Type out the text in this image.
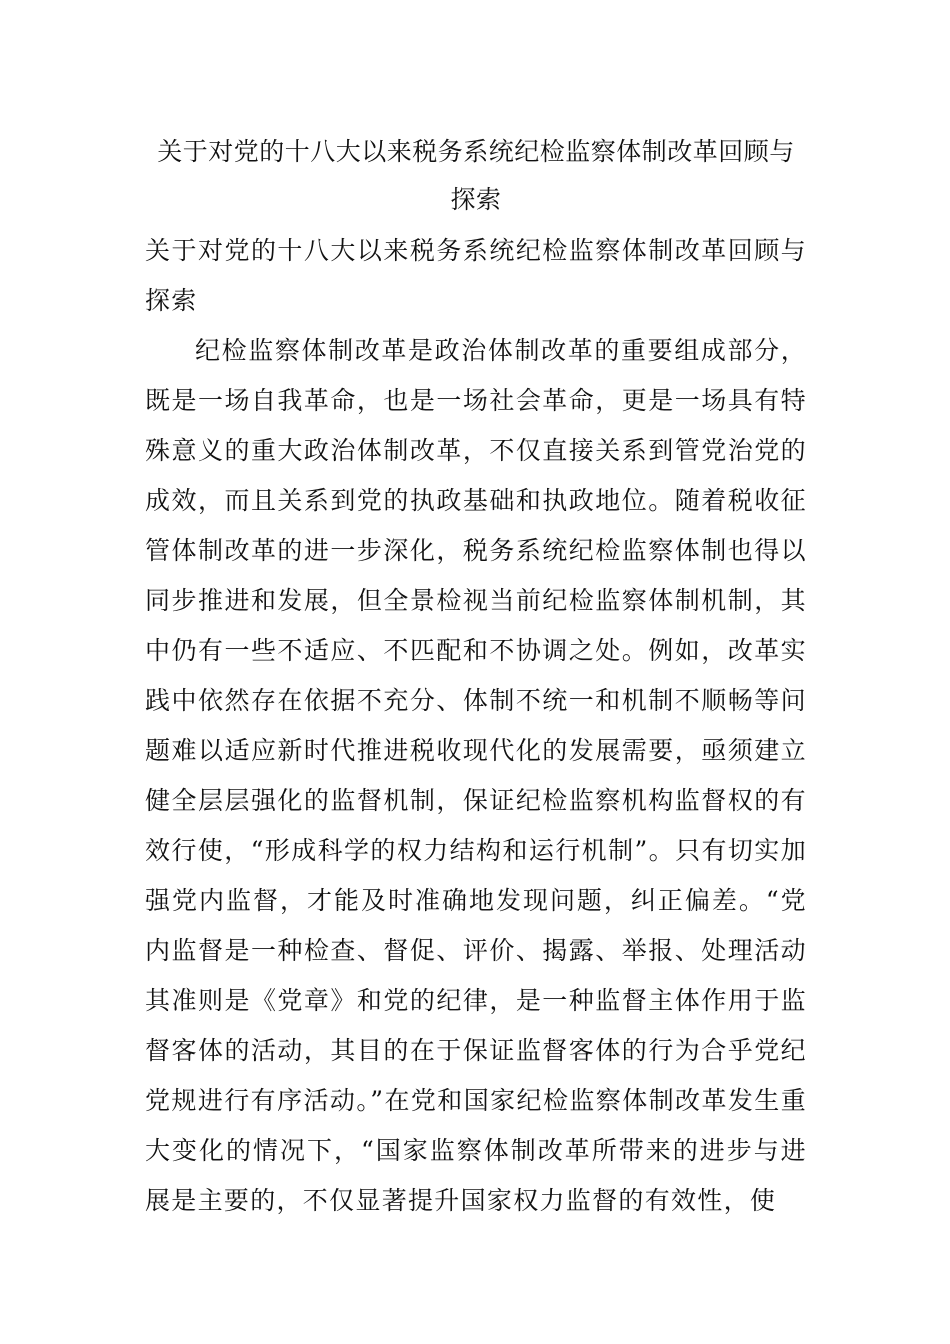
关于对党的十八大以来税务系统纪检监察体制改革回顾与探索

关于对党的十八大以来税务系统纪检监察体制改革回顾与探索

纪检监察体制改革是政治体制改革的重要组成部分，既是一场自我革命，也是一场社会革命，更是一场具有特殊意义的重大政治体制改革，不仅直接关系到管党治党的成效，而且关系到党的执政基础和执政地位。随着税收征管体制改革的进一步深化，税务系统纪检监察体制也得以同步推进和发展，但全景检视当前纪检监察体制机制，其中仍有一些不适应、不匹配和不协调之处。例如，改革实践中依然存在依据不充分、体制不统一和机制不顺畅等问题难以适应新时代推进税收现代化的发展需要，亟须建立健全层层强化的监督机制，保证纪检监察机构监督权的有效行使，“形成科学的权力结构和运行机制”。只有切实加强党内监督，才能及时准确地发现问题，纠正偏差。“党内监督是一种检查、督促、评价、揭露、举报、处理活动其准则是《党章》和党的纪律，是一种监督主体作用于监督客体的活动，其目的在于保证监督客体的行为合乎党纪党规进行有序活动。”在党和国家纪检监察体制改革发生重大变化的情况下，“国家监察体制改革所带来的进步与进展是主要的，不仅显著提升国家权力监督的有效性，使
